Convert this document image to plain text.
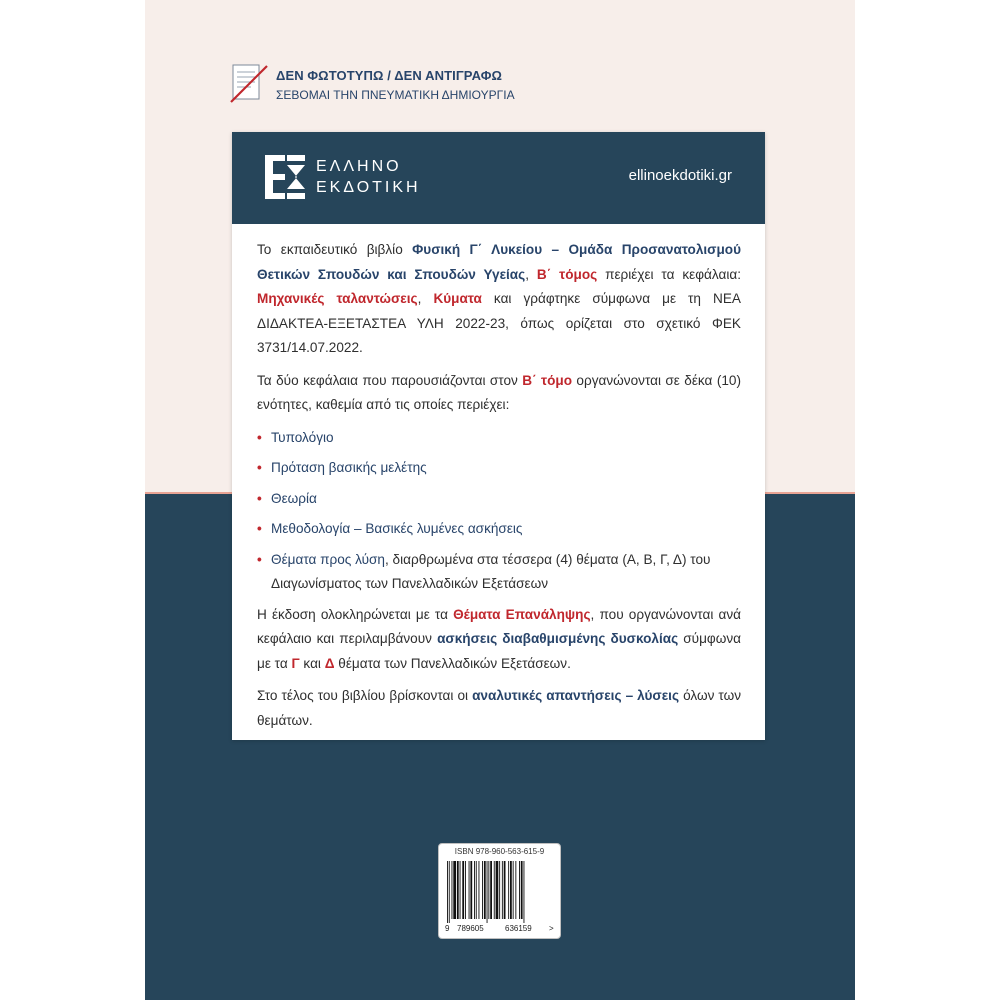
ΔΕΝ ΦΩΤΟΤΥΠΩ / ΔΕΝ ΑΝΤΙΓΡΑΦΩ
ΣΕΒΟΜΑΙ ΤΗΝ ΠΝΕΥΜΑΤΙΚΗ ΔΗΜΙΟΥΡΓΙΑ
ΕΛΛΗΝΟ
ΕΚΔΟΤΙΚΗ
ellinoekdotiki.gr

Το εκπαιδευτικό βιβλίο Φυσική Γ΄ Λυκείου – Ομάδα Προσανατολισμού Θετικών Σπουδών και Σπουδών Υγείας, Β΄ τόμος περιέχει τα κεφάλαια: Μηχανικές ταλαντώσεις, Κύματα και γράφτηκε σύμφωνα με τη ΝΕΑ ΔΙΔΑΚΤΕΑ-ΕΞΕΤΑΣΤΕΑ ΥΛΗ 2022-23, όπως ορίζεται στο σχετικό ΦΕΚ 3731/14.07.2022.

Τα δύο κεφάλαια που παρουσιάζονται στον Β΄ τόμο οργανώνονται σε δέκα (10) ενότητες, καθεμία από τις οποίες περιέχει:

• Τυπολόγιο
• Πρόταση βασικής μελέτης
• Θεωρία
• Μεθοδολογία – Βασικές λυμένες ασκήσεις
• Θέματα προς λύση, διαρθρωμένα στα τέσσερα (4) θέματα (Α, Β, Γ, Δ) του Διαγωνίσματος των Πανελλαδικών Εξετάσεων

Η έκδοση ολοκληρώνεται με τα Θέματα Επανάληψης, που οργανώνονται ανά κεφάλαιο και περιλαμβάνουν ασκήσεις διαβαθμισμένης δυσκολίας σύμφωνα με τα Γ και Δ θέματα των Πανελλαδικών Εξετάσεων.

Στο τέλος του βιβλίου βρίσκονται οι αναλυτικές απαντήσεις – λύσεις όλων των θεμάτων.

ISBN 978-960-563-615-9
9 789605	636159 >
